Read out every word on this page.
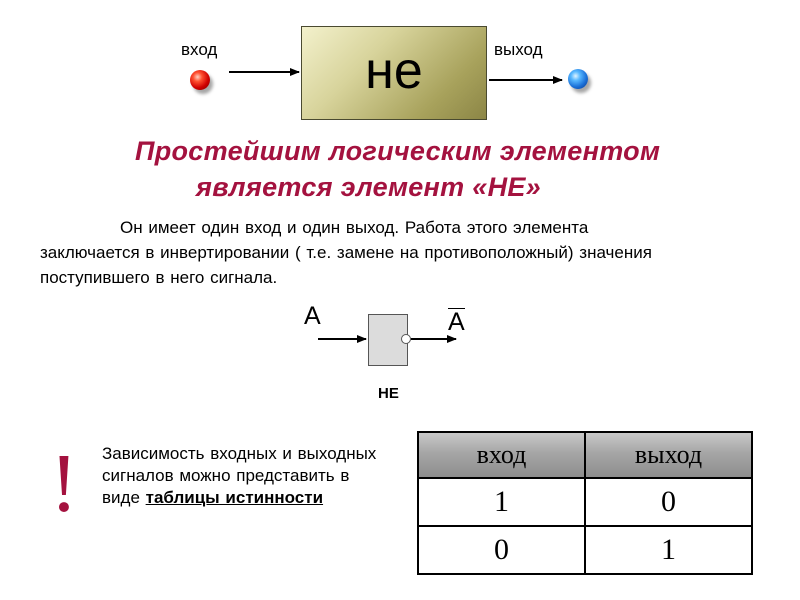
вход	выход
не
Простейшим логическим элементом
является элемент «НЕ»
Он имеет один вход и один выход. Работа этого элемента заключается в инвертировании ( т.е. замене на противоположный) значения поступившего в него сигнала.
A	A
НЕ
! Зависимость входных и выходных сигналов можно представить в виде таблицы истинности
вход	выход
1	0
0	1
